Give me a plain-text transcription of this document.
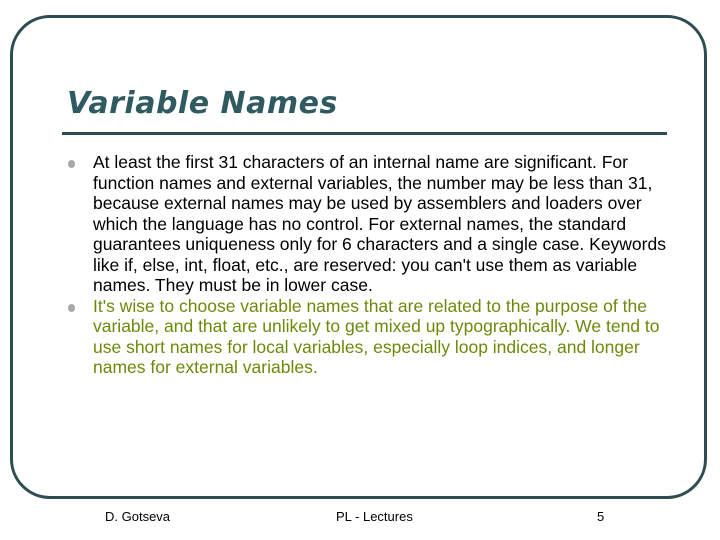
Variable Names
At least the first 31 characters of an internal name are significant. For function names and external variables, the number may be less than 31, because external names may be used by assemblers and loaders over which the language has no control. For external names, the standard guarantees uniqueness only for 6 characters and a single case. Keywords like if, else, int, float, etc., are reserved: you can't use them as variable names. They must be in lower case.
It's wise to choose variable names that are related to the purpose of the variable, and that are unlikely to get mixed up typographically. We tend to use short names for local variables, especially loop indices, and longer names for external variables.
D. Gotseva	PL - Lectures	5
